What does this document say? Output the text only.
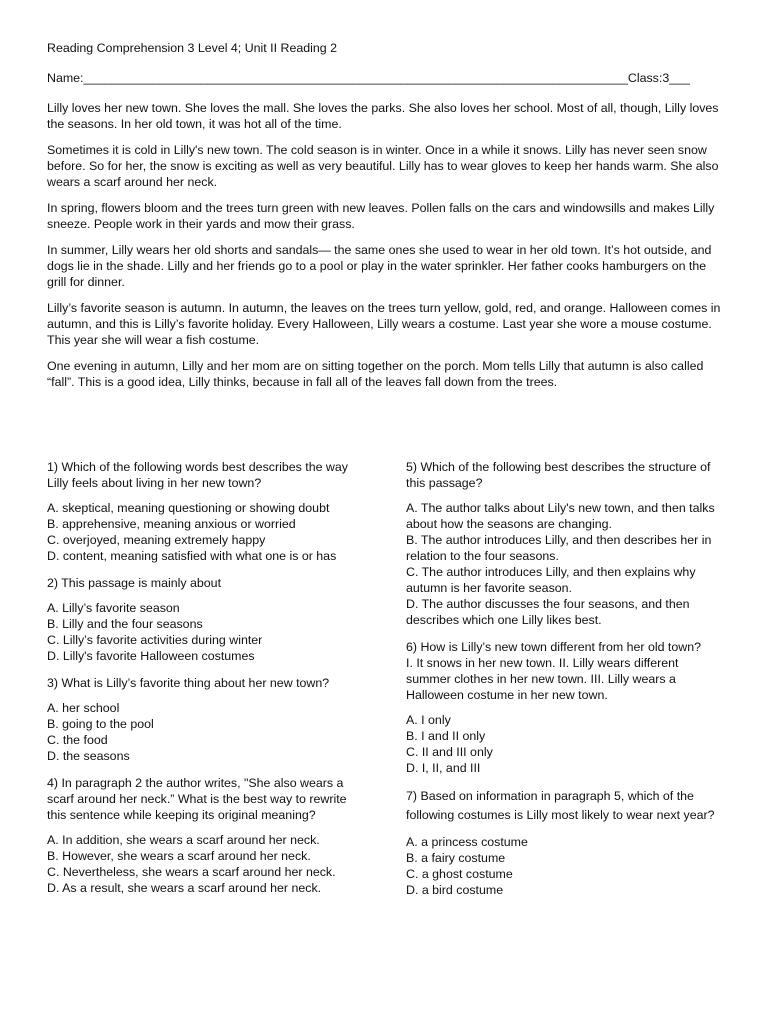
Reading Comprehension 3 Level 4; Unit II Reading 2
Name:_______________________________________________________________________________Class:3___

Lilly loves her new town. She loves the mall. She loves the parks. She also loves her school. Most of all, though, Lilly loves the seasons. In her old town, it was hot all of the time.

Sometimes it is cold in Lilly's new town. The cold season is in winter. Once in a while it snows. Lilly has never seen snow before. So for her, the snow is exciting as well as very beautiful. Lilly has to wear gloves to keep her hands warm. She also wears a scarf around her neck.

In spring, flowers bloom and the trees turn green with new leaves. Pollen falls on the cars and windowsills and makes Lilly sneeze. People work in their yards and mow their grass.

In summer, Lilly wears her old shorts and sandals— the same ones she used to wear in her old town. It’s hot outside, and dogs lie in the shade. Lilly and her friends go to a pool or play in the water sprinkler. Her father cooks hamburgers on the grill for dinner.

Lilly’s favorite season is autumn. In autumn, the leaves on the trees turn yellow, gold, red, and orange. Halloween comes in autumn, and this is Lilly’s favorite holiday. Every Halloween, Lilly wears a costume. Last year she wore a mouse costume. This year she will wear a fish costume.

One evening in autumn, Lilly and her mom are on sitting together on the porch. Mom tells Lilly that autumn is also called “fall”. This is a good idea, Lilly thinks, because in fall all of the leaves fall down from the trees.

1) Which of the following words best describes the way Lilly feels about living in her new town?
A. skeptical, meaning questioning or showing doubt
B. apprehensive, meaning anxious or worried
C. overjoyed, meaning extremely happy
D. content, meaning satisfied with what one is or has
2) This passage is mainly about
A. Lilly’s favorite season
B. Lilly and the four seasons
C. Lilly’s favorite activities during winter
D. Lilly's favorite Halloween costumes
3) What is Lilly’s favorite thing about her new town?
A. her school
B. going to the pool
C. the food
D. the seasons
4) In paragraph 2 the author writes, "She also wears a scarf around her neck.” What is the best way to rewrite this sentence while keeping its original meaning?
A. In addition, she wears a scarf around her neck.
B. However, she wears a scarf around her neck.
C. Nevertheless, she wears a scarf around her neck.
D. As a result, she wears a scarf around her neck.
5) Which of the following best describes the structure of this passage?
A. The author talks about Lily's new town, and then talks about how the seasons are changing.
B. The author introduces Lilly, and then describes her in relation to the four seasons.
C. The author introduces Lilly, and then explains why autumn is her favorite season.
D. The author discusses the four seasons, and then describes which one Lilly likes best.
6) How is Lilly’s new town different from her old town?
I. It snows in her new town. II. Lilly wears different summer clothes in her new town. III. Lilly wears a Halloween costume in her new town.
A. I only
B. I and II only
C. II and III only
D. I, II, and III
7) Based on information in paragraph 5, which of the following costumes is Lilly most likely to wear next year?
A. a princess costume
B. a fairy costume
C. a ghost costume
D. a bird costume
